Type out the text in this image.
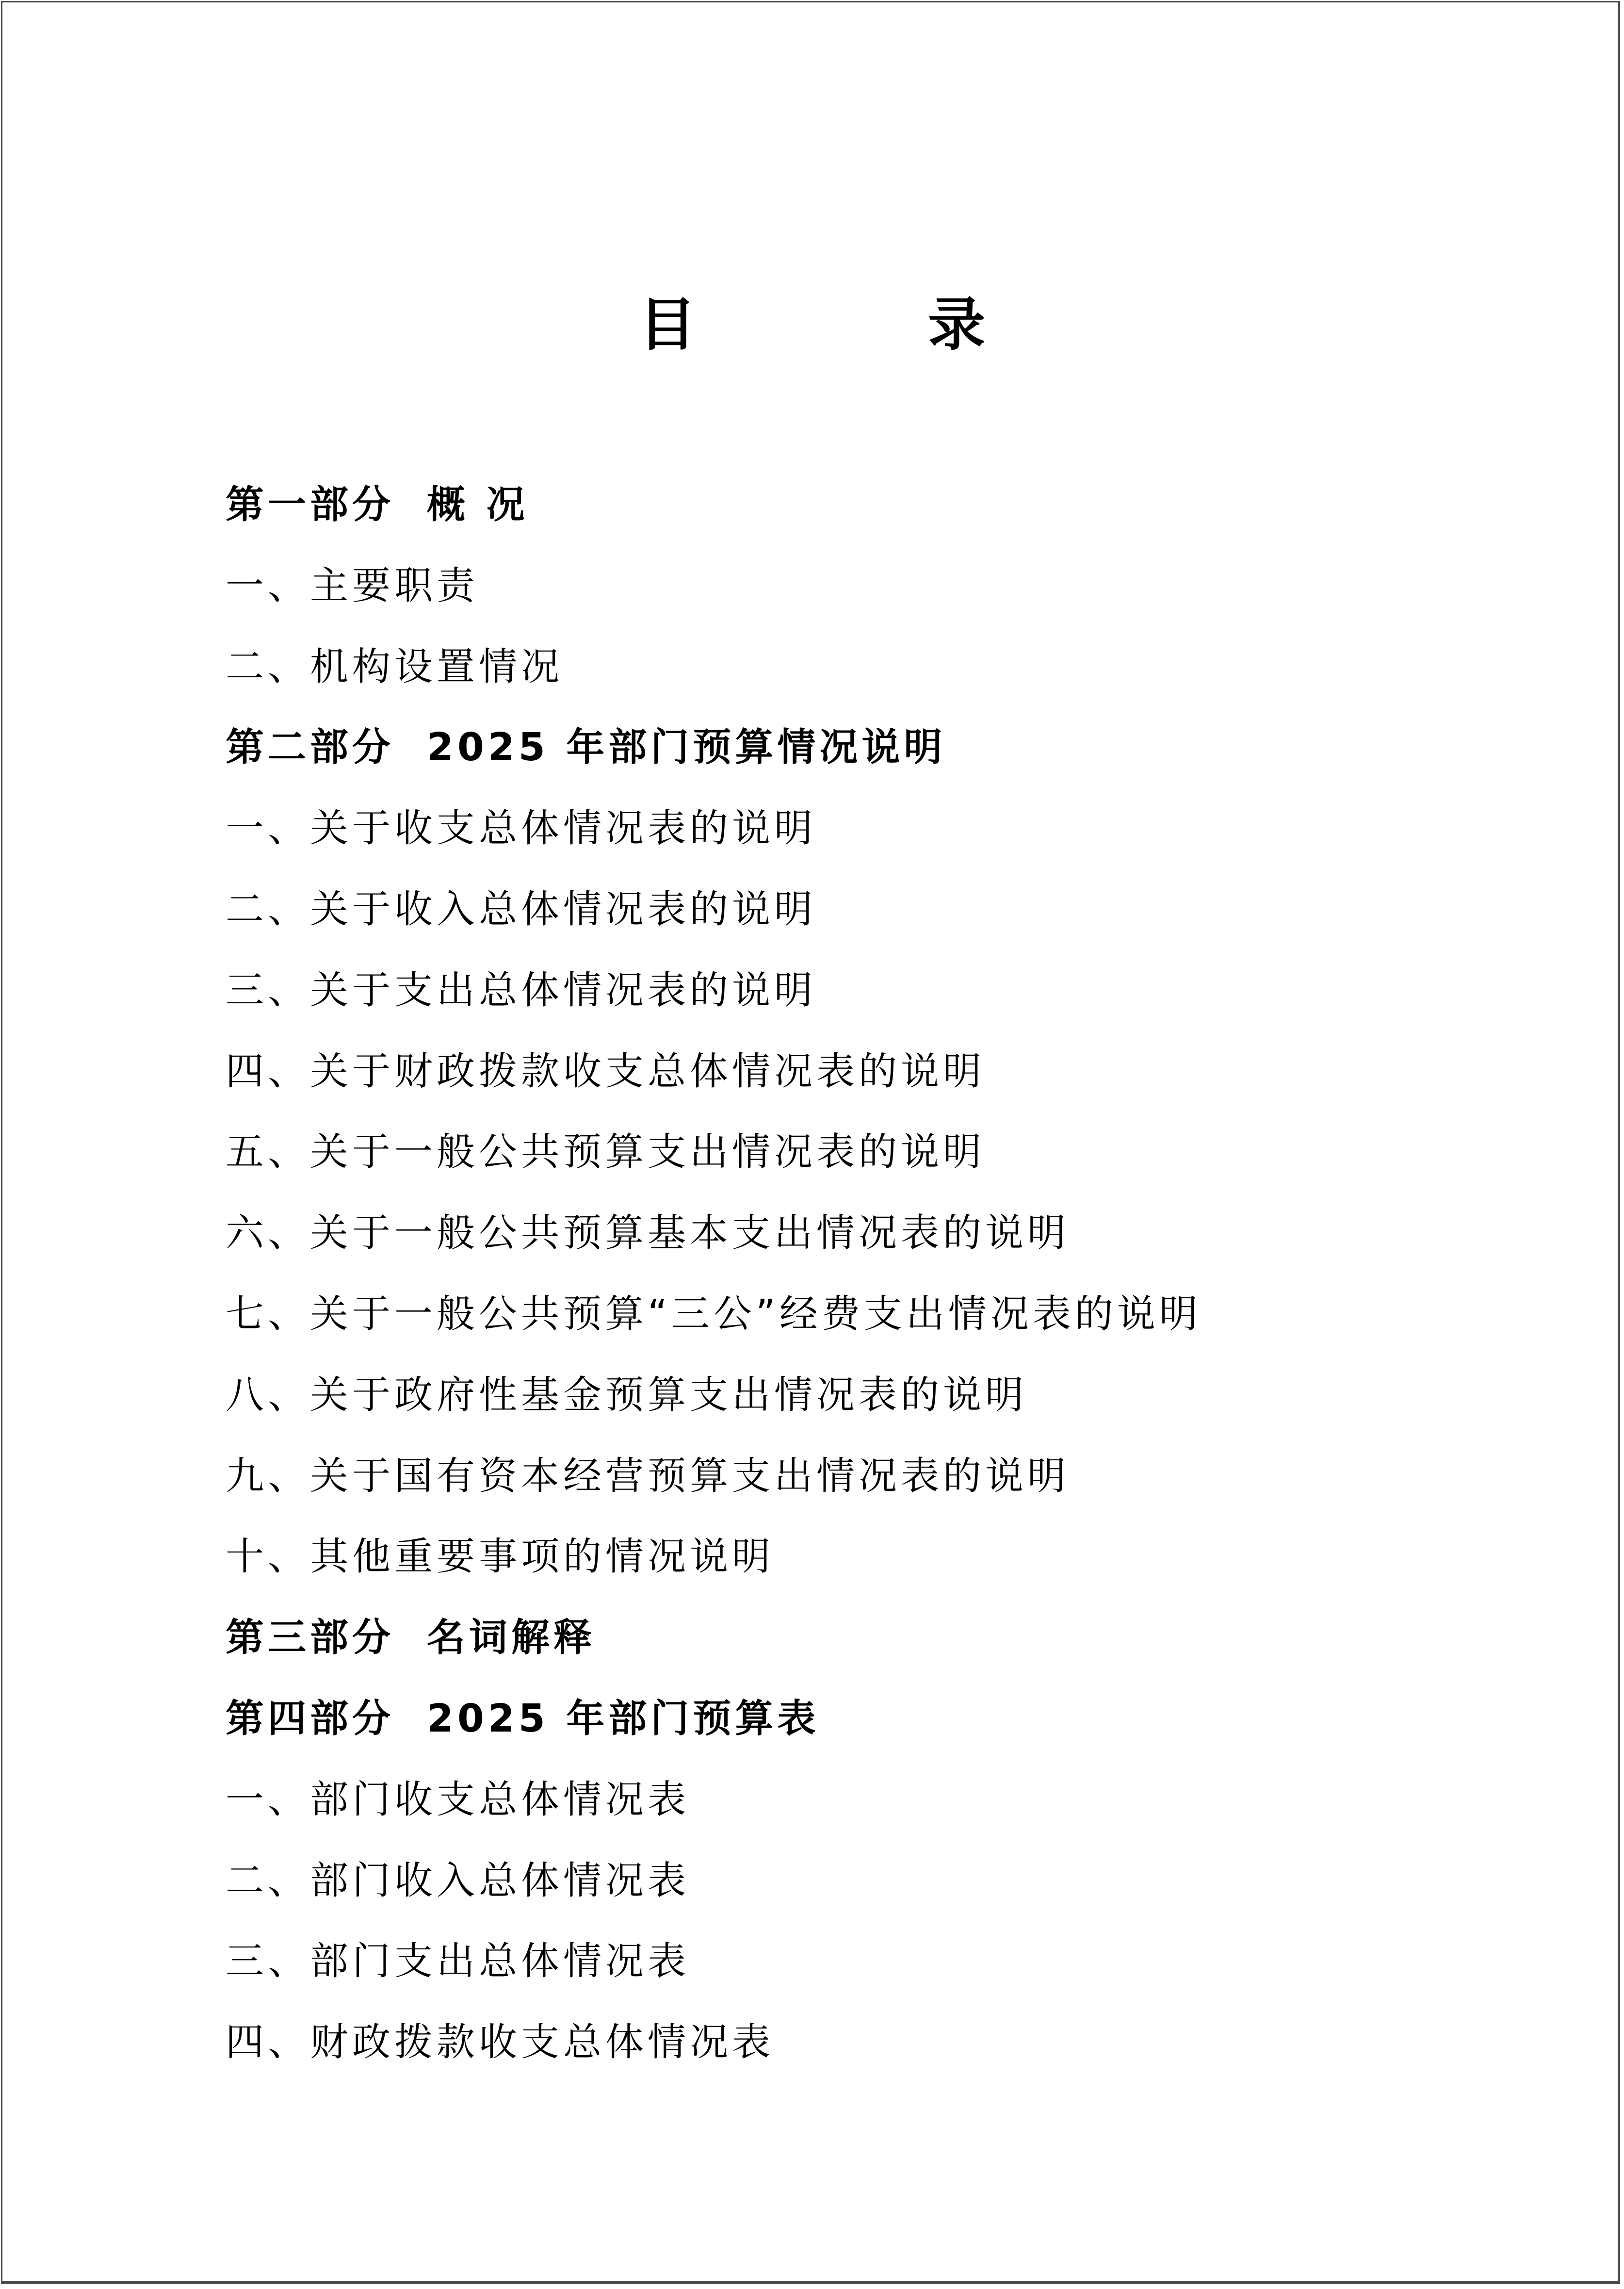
目　录
第一部分 概 况
一、主要职责
二、机构设置情况
第二部分 2025 年部门预算情况说明
一、关于收支总体情况表的说明
二、关于收入总体情况表的说明
三、关于支出总体情况表的说明
四、关于财政拨款收支总体情况表的说明
五、关于一般公共预算支出情况表的说明
六、关于一般公共预算基本支出情况表的说明
七、关于一般公共预算“三公”经费支出情况表的说明
八、关于政府性基金预算支出情况表的说明
九、关于国有资本经营预算支出情况表的说明
十、其他重要事项的情况说明
第三部分 名词解释
第四部分 2025 年部门预算表
一、部门收支总体情况表
二、部门收入总体情况表
三、部门支出总体情况表
四、财政拨款收支总体情况表
